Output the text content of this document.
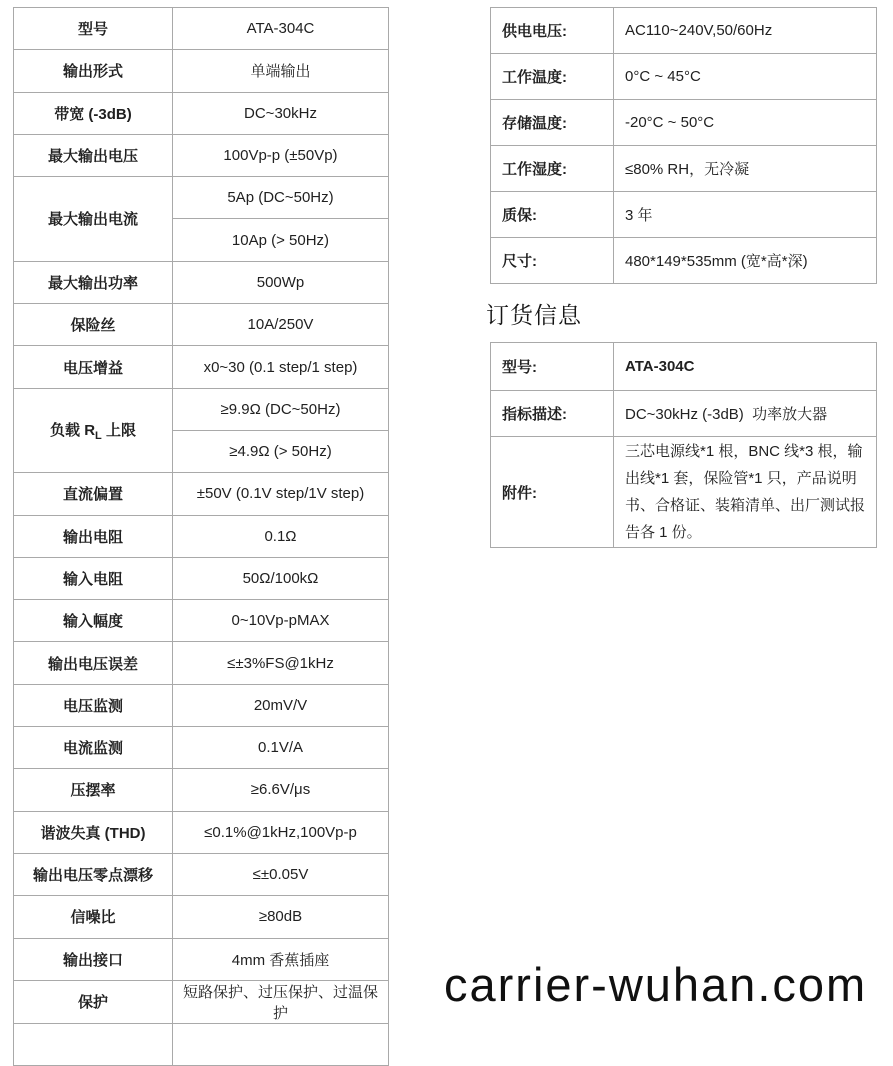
型号	ATA-304C
输出形式	单端输出
带宽 (-3dB)	DC~30kHz
最大输出电压	100Vp-p (±50Vp)
最大输出电流	5Ap (DC~50Hz)
	10Ap (> 50Hz)
最大输出功率	500Wp
保险丝	10A/250V
电压增益	x0~30 (0.1 step/1 step)
负载 $R_L$ 上限	≥9.9Ω (DC~50Hz)
	≥4.9Ω (> 50Hz)
直流偏置	±50V (0.1V step/1V step)
输出电阻	0.1Ω
输入电阻	50Ω/100kΩ
输入幅度	0~10Vp-pMAX
输出电压误差	≤±3%FS@1kHz
电压监测	20mV/V
电流监测	0.1V/A
压摆率	≥6.6V/μs
谐波失真 (THD)	≤0.1%@1kHz,100Vp-p
输出电压零点漂移	≤±0.05V
信噪比	≥80dB
输出接口	4mm 香蕉插座
保护	短路保护、过压保护、过温保护

供电电压:	AC110~240V,50/60Hz
工作温度:	0°C ~ 45°C
存储温度:	-20°C ~ 50°C
工作湿度:	≤80% RH，无冷凝
质保:	3 年
尺寸:	480*149*535mm (宽*高*深)
订货信息
型号:	ATA-304C
指标描述:	DC~30kHz (-3dB)  功率放大器
附件:	三芯电源线*1 根，BNC 线*3 根，输出线*1 套，保险管*1 只，产品说明书、合格证、装箱清单、出厂测试报告各 1 份。
carrier-wuhan.com
